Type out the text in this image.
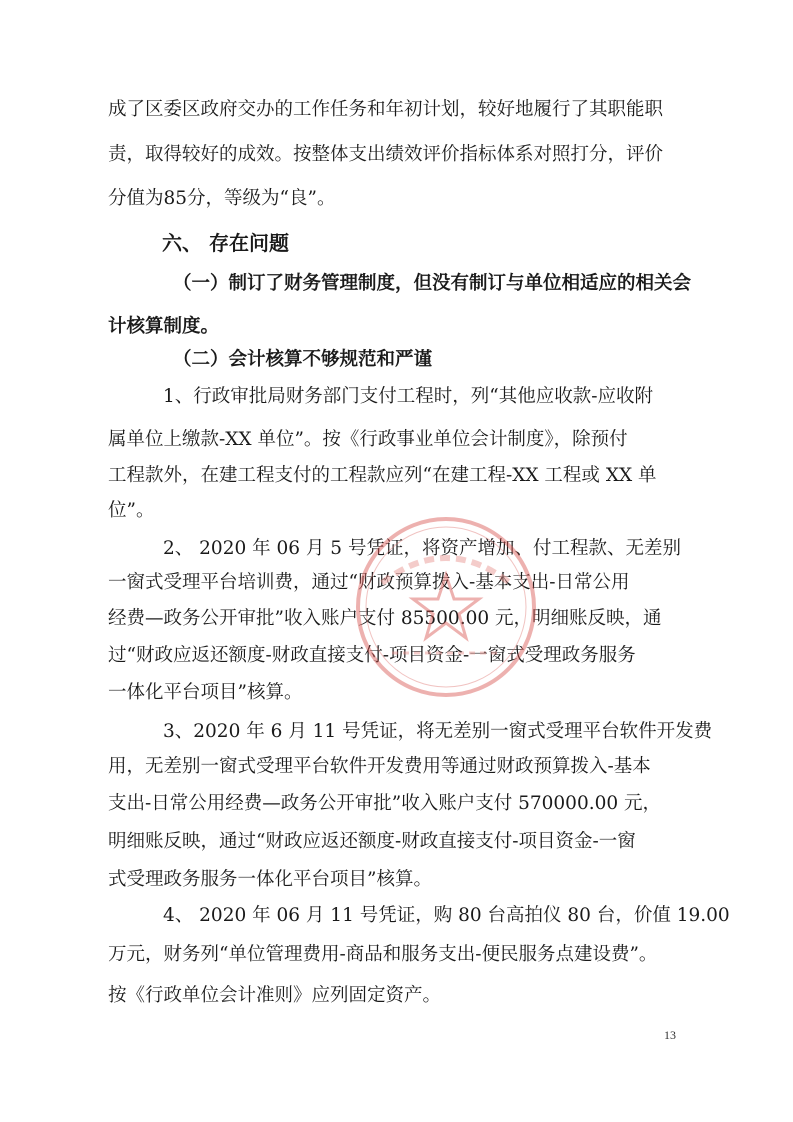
成了区委区政府交办的工作任务和年初计划，较好地履行了其职能职
责，取得较好的成效。按整体支出绩效评价指标体系对照打分，评价
分值为85分，等级为“良”。
六、 存在问题
（一）制订了财务管理制度，但没有制订与单位相适应的相关会
计核算制度。
（二）会计核算不够规范和严谨
1、行政审批局财务部门支付工程时，列“其他应收款-应收附
属单位上缴款-XX 单位”。按《行政事业单位会计制度》，除预付
工程款外，在建工程支付的工程款应列“在建工程-XX 工程或 XX 单
位”。
2、 2020 年 06 月 5 号凭证，将资产增加、付工程款、无差别
一窗式受理平台培训费，通过“财政预算拨入-基本支出-日常公用
经费—政务公开审批”收入账户支付 85500.00 元，明细账反映，通
过“财政应返还额度-财政直接支付-项目资金-一窗式受理政务服务
一体化平台项目”核算。
3、2020 年 6 月 11 号凭证，将无差别一窗式受理平台软件开发费
用，无差别一窗式受理平台软件开发费用等通过财政预算拨入-基本
支出-日常公用经费—政务公开审批”收入账户支付 570000.00 元，
明细账反映，通过“财政应返还额度-财政直接支付-项目资金-一窗
式受理政务服务一体化平台项目”核算。
4、 2020 年 06 月 11 号凭证，购 80 台高拍仪 80 台，价值 19.00
万元，财务列“单位管理费用-商品和服务支出-便民服务点建设费”。
按《行政单位会计准则》应列固定资产。
13
